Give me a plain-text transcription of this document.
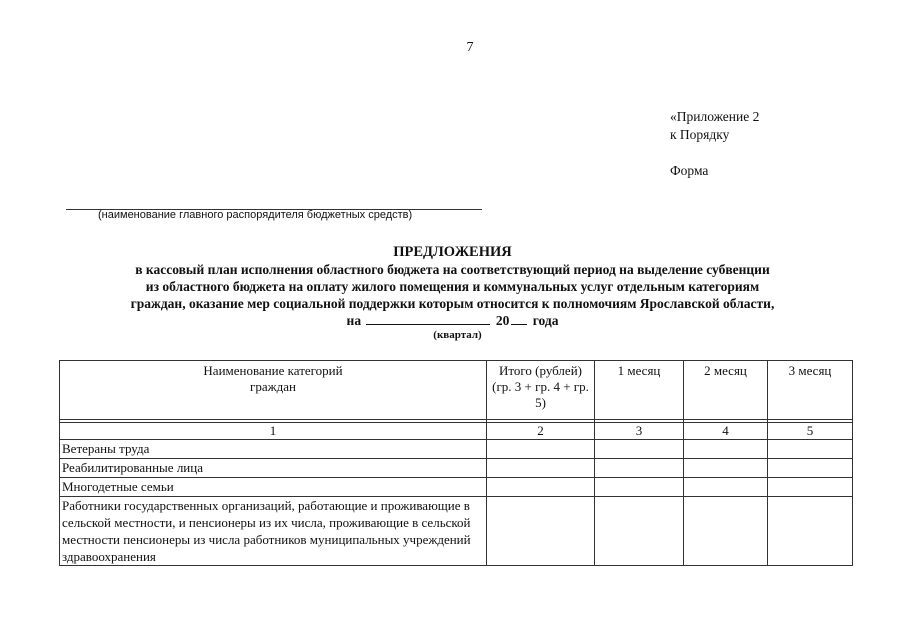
7
«Приложение 2
к Порядку
Форма
(наименование главного распорядителя бюджетных средств)
ПРЕДЛОЖЕНИЯ
в кассовый план исполнения областного бюджета на соответствующий период на выделение субвенции
из областного бюджета на оплату жилого помещения и коммунальных услуг отдельным категориям
граждан, оказание мер социальной поддержки которым относится к полномочиям Ярославской области,
на	20 года
(квартал)
Наименование категорий граждан	Итого (рублей) (гр. 3 + гр. 4 + гр. 5)	1 месяц	2 месяц	3 месяц

1	2	3	4	5
Ветераны труда				
Реабилитированные лица				
Многодетные семьи				
Работники государственных организаций, работающие и проживающие в сельской местности, и пенсионеры из их числа, проживающие в сельской местности пенсионеры из числа работников муниципальных учреждений здравоохранения				
